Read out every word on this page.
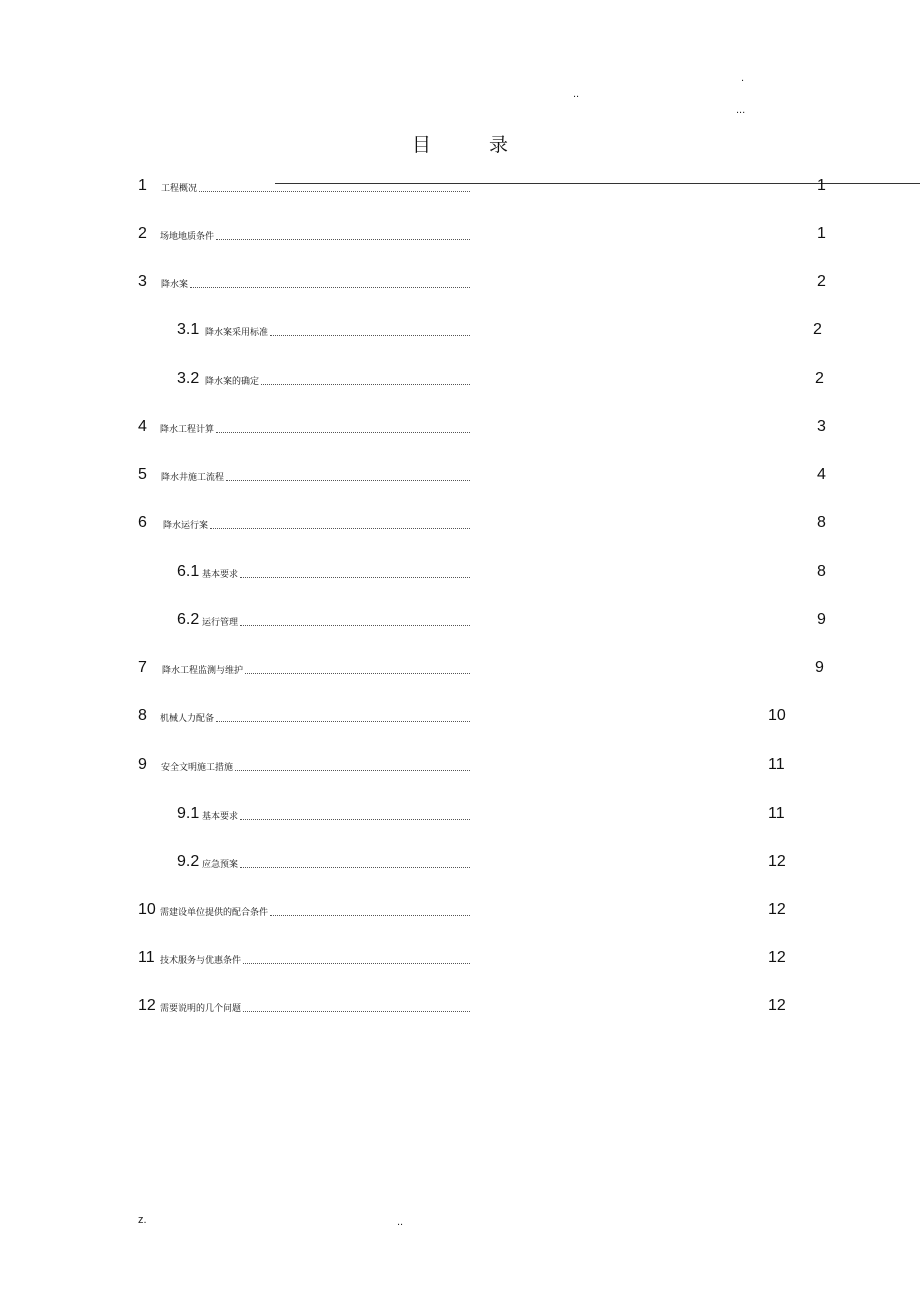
.
..
...
目 录
1 工程概况	1
2 场地地质条件	1
3 降水案	2
3.1 降水案采用标准	2
3.2 降水案的确定	2
4 降水工程计算	3
5 降水井施工流程	4
6 降水运行案	8
6.1 基本要求	8
6.2 运行管理	9
7 降水工程监测与维护	9
8 机械人力配备	10
9 安全文明施工措施	11
9.1 基本要求	11
9.2 应急预案	12
10 需建设单位提供的配合条件	12
11 技术服务与优惠条件	12
12 需要说明的几个问题	12
z.	..
